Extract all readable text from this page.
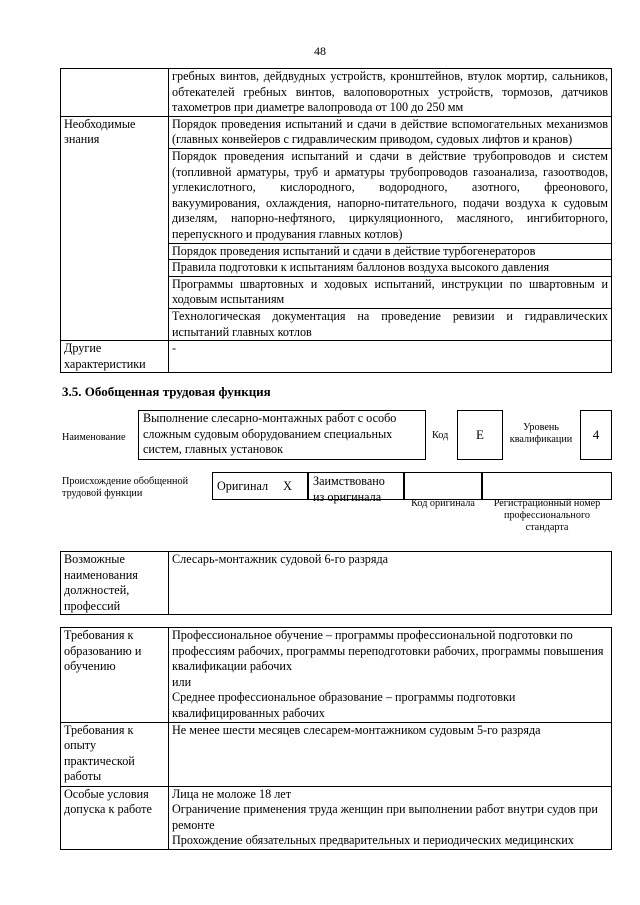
48
	гребных винтов, дейдвудных устройств, кронштейнов, втулок мортир, сальников, обтекателей гребных винтов, валоповоротных устройств, тормозов, датчиков тахометров при диаметре валопровода от 100 до 250 мм
Необходимые знания	Порядок проведения испытаний и сдачи в действие вспомогательных механизмов (главных конвейеров с гидравлическим приводом, судовых лифтов и кранов)
	Порядок проведения испытаний и сдачи в действие трубопроводов и систем (топливной арматуры, труб и арматуры трубопроводов газоанализа, газоотводов, углекислотного, кислородного, водородного, азотного, фреонового, вакуумирования, охлаждения, напорно-питательного, подачи воздуха к судовым дизелям, напорно-нефтяного, циркуляционного, масляного, ингибиторного, перепускного и продувания главных котлов)
	Порядок проведения испытаний и сдачи в действие турбогенераторов
	Правила подготовки к испытаниям баллонов воздуха высокого давления
	Программы швартовных и ходовых испытаний, инструкции по швартовным и ходовым испытаниям
	Технологическая документация на проведение ревизии и гидравлических испытаний главных котлов
Другие характеристики	-
3.5. Обобщенная трудовая функция
Наименование
Выполнение слесарно-монтажных работ с особо сложным судовым оборудованием специальных систем, главных установок
Код	Е	Уровень квалификации	4
Происхождение обобщенной трудовой функции
Оригинал	X	Заимствовано из оригинала	Код оригинала	Регистрационный номер профессионального стандарта
Возможные наименования должностей, профессий	Слесарь-монтажник судовой 6-го разряда
Требования к образованию и обучению	Профессиональное обучение – программы профессиональной подготовки по профессиям рабочих, программы переподготовки рабочих, программы повышения квалификации рабочих
или
Среднее профессиональное образование – программы подготовки квалифицированных рабочих

Требования к опыту практической работы	Не менее шести месяцев слесарем-монтажником судовым 5-го разряда
Особые условия допуска к работе	Лица не моложе 18 лет
Ограничение применения труда женщин при выполнении работ внутри судов при ремонте
Прохождение обязательных предварительных и периодических медицинских
